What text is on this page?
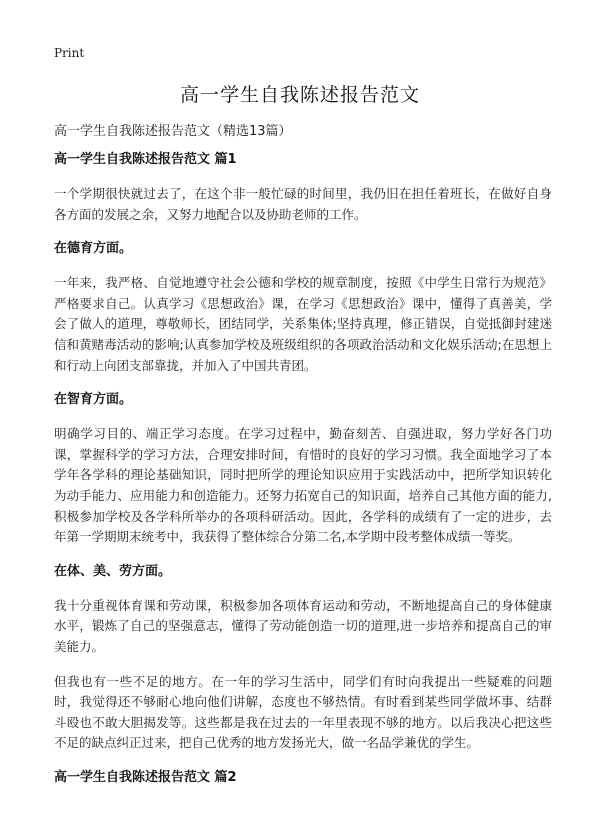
Print
高一学生自我陈述报告范文

高一学生自我陈述报告范文（精选13篇）

高一学生自我陈述报告范文 篇1

一个学期很快就过去了，在这个非一般忙碌的时间里，我仍旧在担任着班长，在做好自身各方面的发展之余，又努力地配合以及协助老师的工作。

在德育方面。

一年来，我严格、自觉地遵守社会公德和学校的规章制度，按照《中学生日常行为规范》严格要求自己。认真学习《思想政治》课，在学习《思想政治》课中，懂得了真善美，学会了做人的道理，尊敬师长，团结同学，关系集体;坚持真理，修正错误，自觉抵御封建迷信和黄赌毒活动的影响;认真参加学校及班级组织的各项政治活动和文化娱乐活动;在思想上和行动上向团支部靠拢，并加入了中国共青团。

在智育方面。

明确学习目的、端正学习态度。在学习过程中，勤奋刻苦、自强进取，努力学好各门功课，掌握科学的学习方法，合理安排时间，有惜时的良好的学习习惯。我全面地学习了本学年各学科的理论基础知识，同时把所学的理论知识应用于实践活动中，把所学知识转化为动手能力、应用能力和创造能力。还努力拓宽自己的知识面，培养自己其他方面的能力,积极参加学校及各学科所举办的各项科研活动。因此，各学科的成绩有了一定的进步，去年第一学期期末统考中，我获得了整体综合分第二名,本学期中段考整体成绩一等奖。

在体、美、劳方面。

我十分重视体育课和劳动课，积极参加各项体育运动和劳动，不断地提高自己的身体健康水平，锻炼了自己的坚强意志，懂得了劳动能创造一切的道理,进一步培养和提高自己的审美能力。

但我也有一些不足的地方。在一年的学习生活中，同学们有时向我提出一些疑难的问题时，我觉得还不够耐心地向他们讲解，态度也不够热情。有时看到某些同学做坏事、结群斗殴也不敢大胆揭发等。这些都是我在过去的一年里表现不够的地方。以后我决心把这些不足的缺点纠正过来，把自己优秀的地方发扬光大，做一名品学兼优的学生。

高一学生自我陈述报告范文 篇2
